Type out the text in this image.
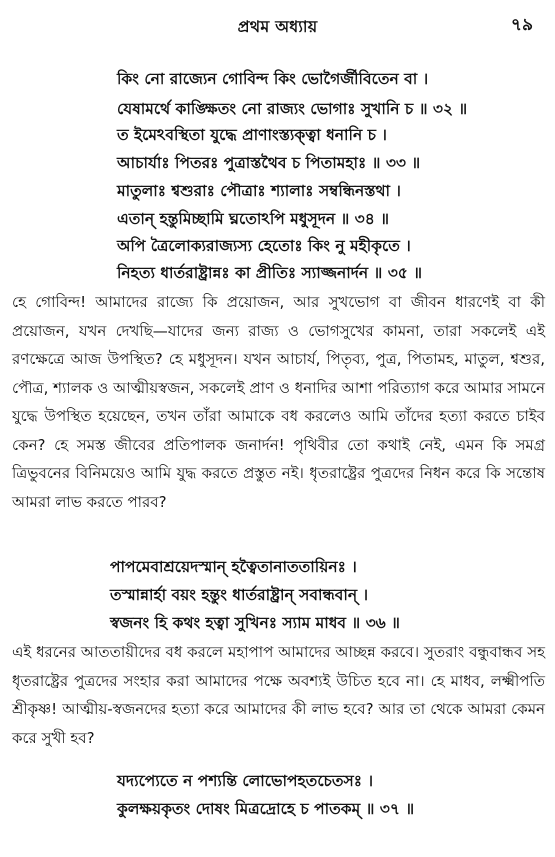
প্রথম অধ্যায়	৭৯
কিং নো রাজ্যেন গোবিন্দ কিং ভোগৈর্জীবিতেন বা ।
যেষামর্থে কাঙ্ক্ষিতং নো রাজ্যং ভোগাঃ সুখানি চ ॥ ৩২ ॥
ত ইমেঽবস্থিতা যুদ্ধে প্রাণাংস্ত্যক্ত্বা ধনানি চ ।
আচার্যাঃ পিতরঃ পুত্রাস্তথৈব চ পিতামহাঃ ॥ ৩৩ ॥
মাতুলাঃ শ্বশুরাঃ পৌত্রাঃ শ্যালাঃ সম্বন্ধিনস্তথা ।
এতান্ হন্তুমিচ্ছামি ঘ্নতোঽপি মধুসূদন ॥ ৩৪ ॥
অপি ত্রৈলোক্যরাজ্যস্য হেতোঃ কিং নু মহীকৃতে ।
নিহত্য ধার্তরাষ্ট্রান্নঃ কা প্রীতিঃ স্যাজ্জনার্দন ॥ ৩৫ ॥
হে গোবিন্দ! আমাদের রাজ্যে কি প্রয়োজন, আর সুখভোগ বা জীবন ধারণেই বা কী প্রয়োজন, যখন দেখছি—যাদের জন্য রাজ্য ও ভোগসুখের কামনা, তারা সকলেই এই রণক্ষেত্রে আজ উপস্থিত? হে মধুসূদন। যখন আচার্য, পিতৃব্য, পুত্র, পিতামহ, মাতুল, শ্বশুর, পৌত্র, শ্যালক ও আত্মীয়স্বজন, সকলেই প্রাণ ও ধনাদির আশা পরিত্যাগ করে আমার সামনে যুদ্ধে উপস্থিত হয়েছেন, তখন তাঁরা আমাকে বধ করলেও আমি তাঁদের হত্যা করতে চাইব কেন? হে সমস্ত জীবের প্রতিপালক জনার্দন! পৃথিবীর তো কথাই নেই, এমন কি সমগ্র ত্রিভুবনের বিনিময়েও আমি যুদ্ধ করতে প্রস্তুত নই। ধৃতরাষ্ট্রের পুত্রদের নিধন করে কি সন্তোষ আমরা লাভ করতে পারব?
পাপমেবাশ্রয়েদস্মান্ হত্বৈতানাততায়িনঃ ।
তস্মান্নার্হা বয়ং হন্তুং ধার্তরাষ্ট্রান্ সবান্ধবান্ ।
স্বজনং হি কথং হত্বা সুখিনঃ স্যাম মাধব ॥ ৩৬ ॥
এই ধরনের আততায়ীদের বধ করলে মহাপাপ আমাদের আচ্ছন্ন করবে। সুতরাং বন্ধুবান্ধব সহ ধৃতরাষ্ট্রের পুত্রদের সংহার করা আমাদের পক্ষে অবশ্যই উচিত হবে না। হে মাধব, লক্ষ্মীপতি শ্রীকৃষ্ণ! আত্মীয়-স্বজনদের হত্যা করে আমাদের কী লাভ হবে? আর তা থেকে আমরা কেমন করে সুখী হব?
যদ্যপ্যেতে ন পশ্যন্তি লোভোপহতচেতসঃ ।
কুলক্ষয়কৃতং দোষং মিত্রদ্রোহে চ পাতকম্ ॥ ৩৭ ॥
